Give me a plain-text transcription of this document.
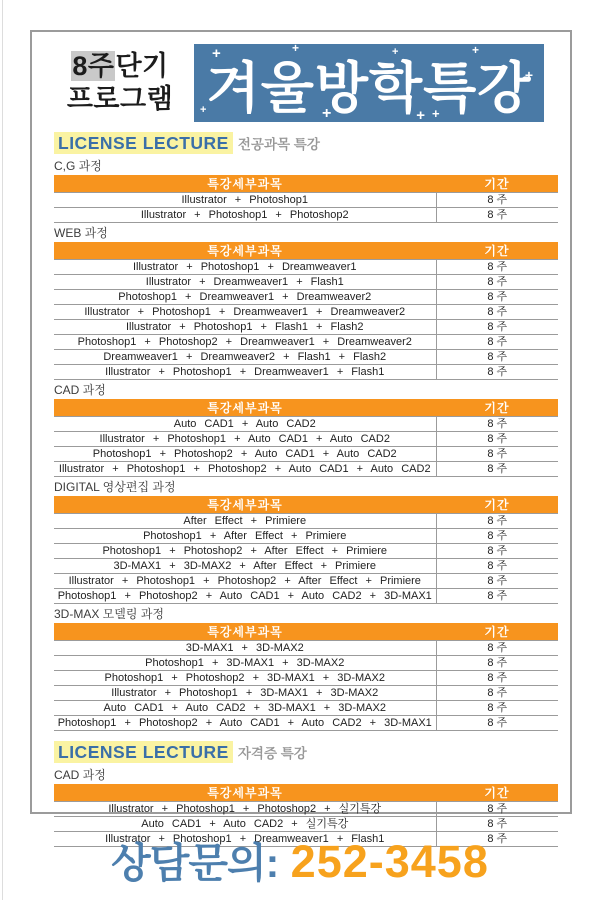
8주단기
프로그램
+ +
+ +
+ +
+ + + 겨울방학특강
LICENSE LECTURE 전공과목 특강
C,G 과정
특강세부과목	기간
Illustrator + Photoshop1	8 주
Illustrator + Photoshop1 + Photoshop2	8 주
WEB 과정
특강세부과목	기간
Illustrator + Photoshop1 + Dreamweaver1	8 주
Illustrator + Dreamweaver1 + Flash1	8 주
Photoshop1 + Dreamweaver1 + Dreamweaver2	8 주
Illustrator + Photoshop1 + Dreamweaver1 + Dreamweaver2	8 주
Illustrator + Photoshop1 + Flash1 + Flash2	8 주
Photoshop1 + Photoshop2 + Dreamweaver1 + Dreamweaver2	8 주
Dreamweaver1 + Dreamweaver2 + Flash1 + Flash2	8 주
Illustrator + Photoshop1 + Dreamweaver1 + Flash1	8 주
CAD 과정
특강세부과목	기간
Auto CAD1 + Auto CAD2	8 주
Illustrator + Photoshop1 + Auto CAD1 + Auto CAD2	8 주
Photoshop1 + Photoshop2 + Auto CAD1 + Auto CAD2	8 주
Illustrator + Photoshop1 + Photoshop2 + Auto CAD1 + Auto CAD2	8 주
DIGITAL 영상편집 과정
특강세부과목	기간
After Effect + Primiere	8 주
Photoshop1 + After Effect + Primiere	8 주
Photoshop1 + Photoshop2 + After Effect + Primiere	8 주
3D-MAX1 + 3D-MAX2 + After Effect + Primiere	8 주
Illustrator + Photoshop1 + Photoshop2 + After Effect + Primiere	8 주
Photoshop1 + Photoshop2 + Auto CAD1 + Auto CAD2 + 3D-MAX1	8 주
3D-MAX 모델링 과정
특강세부과목	기간
3D-MAX1 + 3D-MAX2	8 주
Photoshop1 + 3D-MAX1 + 3D-MAX2	8 주
Photoshop1 + Photoshop2 + 3D-MAX1 + 3D-MAX2	8 주
Illustrator + Photoshop1 + 3D-MAX1 + 3D-MAX2	8 주
Auto CAD1 + Auto CAD2 + 3D-MAX1 + 3D-MAX2	8 주
Photoshop1 + Photoshop2 + Auto CAD1 + Auto CAD2 + 3D-MAX1	8 주
LICENSE LECTURE 자격증 특강
CAD 과정
특강세부과목	기간
Illustrator + Photoshop1 + Photoshop2 + 실기특강	8 주
Auto CAD1 + Auto CAD2 + 실기특강	8 주
Illustrator + Photoshop1 + Dreamweaver1 + Flash1	8 주
상담문의: 252-3458
